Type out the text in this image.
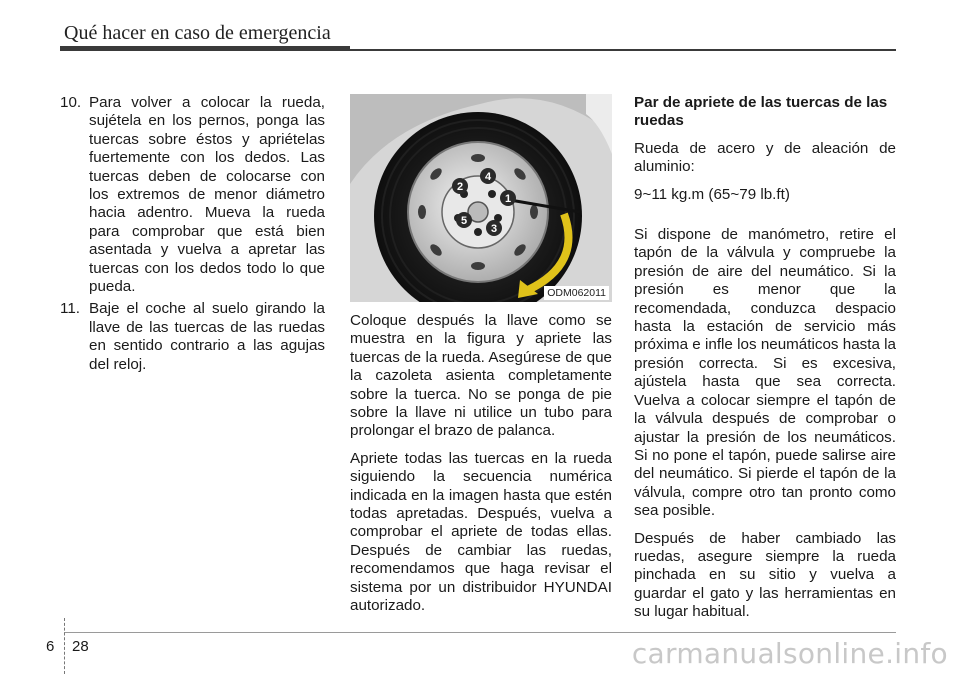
Qué hacer en caso de emergencia
10. Para volver a colocar la rueda, sujétela en los pernos, ponga las tuercas sobre éstos y apriételas fuertemente con los dedos. Las tuercas deben de colocarse con los extremos de menor diámetro hacia adentro. Mueva la rueda para comprobar que está bien asentada y vuelva a apretar las tuercas con los dedos todo lo que pueda.
11. Baje el coche al suelo girando la llave de las tuercas de las ruedas en sentido contrario a las agujas del reloj.
1
2
3
4
5
ODM062011

Coloque después la llave como se muestra en la figura y apriete las tuercas de la rueda. Asegúrese de que la cazoleta asienta completamente sobre la tuerca. No se ponga de pie sobre la llave ni utilice un tubo para prolongar el brazo de palanca.

Apriete todas las tuercas en la rueda siguiendo la secuencia numérica indicada en la imagen hasta que estén todas apretadas. Después, vuelva a comprobar el apriete de todas ellas. Después de cambiar las ruedas, recomendamos que haga revisar el sistema por un distribuidor HYUNDAI autorizado.

Par de apriete de las tuercas de las ruedas

Rueda de acero y de aleación de aluminio:

9~11 kg.m (65~79 lb.ft)

Si dispone de manómetro, retire el tapón de la válvula y compruebe la presión de aire del neumático. Si la presión es menor que la recomendada, conduzca despacio hasta la estación de servicio más próxima e infle los neumáticos hasta la presión correcta. Si es excesiva, ajústela hasta que sea correcta. Vuelva a colocar siempre el tapón de la válvula después de comprobar o ajustar la presión de los neumáticos. Si no pone el tapón, puede salirse aire del neumático. Si pierde el tapón de la válvula, compre otro tan pronto como sea posible.

Después de haber cambiado las ruedas, asegure siempre la rueda pinchada en su sitio y vuelva a guardar el gato y las herramientas en su lugar habitual.

6 28	carmanualsonline.info
